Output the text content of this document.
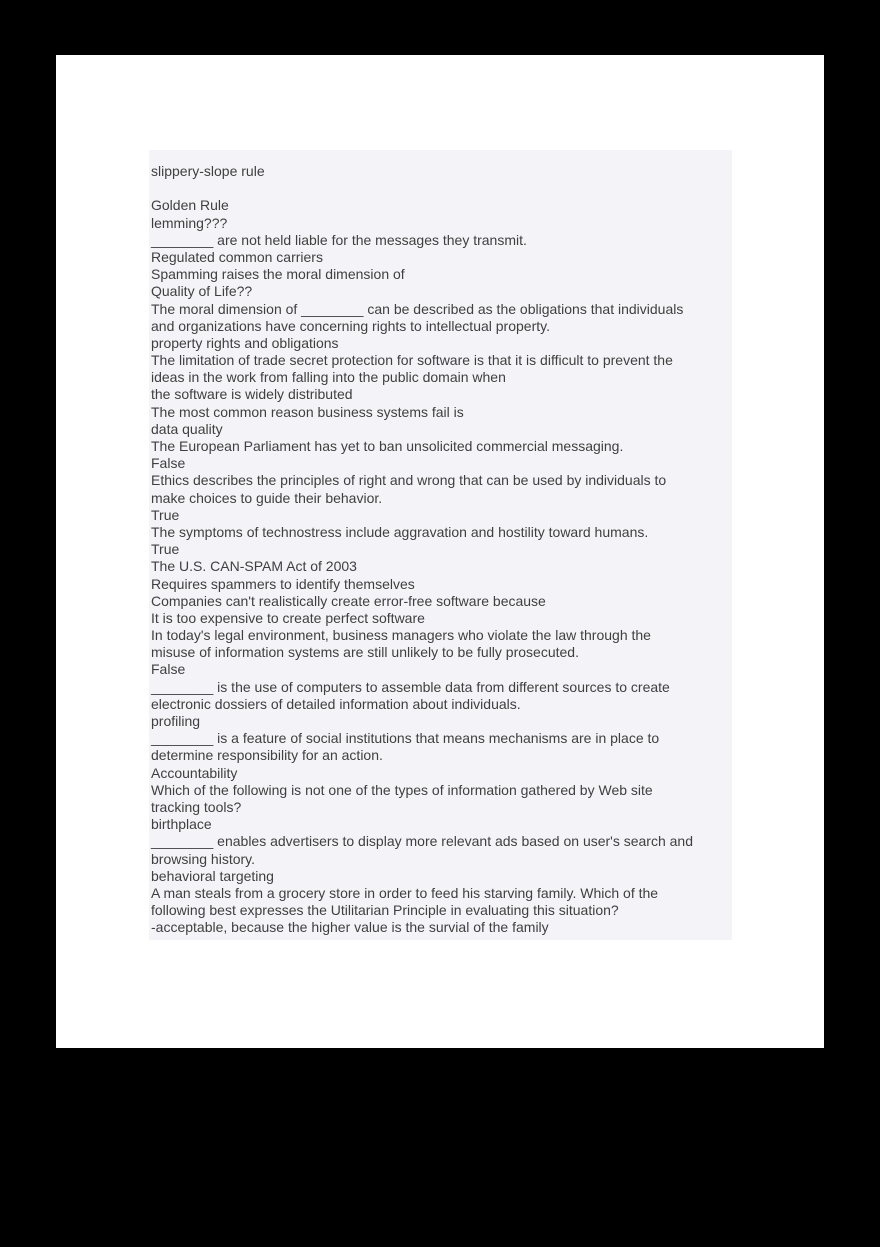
slippery-slope rule
Golden Rule
lemming???
________ are not held liable for the messages they transmit.
Regulated common carriers
Spamming raises the moral dimension of
Quality of Life??
The moral dimension of ________ can be described as the obligations that individuals
and organizations have concerning rights to intellectual property.
property rights and obligations
The limitation of trade secret protection for software is that it is difficult to prevent the
ideas in the work from falling into the public domain when
the software is widely distributed
The most common reason business systems fail is
data quality
The European Parliament has yet to ban unsolicited commercial messaging.
False
Ethics describes the principles of right and wrong that can be used by individuals to
make choices to guide their behavior.
True
The symptoms of technostress include aggravation and hostility toward humans.
True
The U.S. CAN-SPAM Act of 2003
Requires spammers to identify themselves
Companies can't realistically create error-free software because
It is too expensive to create perfect software
In today's legal environment, business managers who violate the law through the
misuse of information systems are still unlikely to be fully prosecuted.
False
________ is the use of computers to assemble data from different sources to create
electronic dossiers of detailed information about individuals.
profiling
________ is a feature of social institutions that means mechanisms are in place to
determine responsibility for an action.
Accountability
Which of the following is not one of the types of information gathered by Web site
tracking tools?
birthplace
________ enables advertisers to display more relevant ads based on user's search and
browsing history.
behavioral targeting
A man steals from a grocery store in order to feed his starving family. Which of the
following best expresses the Utilitarian Principle in evaluating this situation?
-acceptable, because the higher value is the survial of the family
